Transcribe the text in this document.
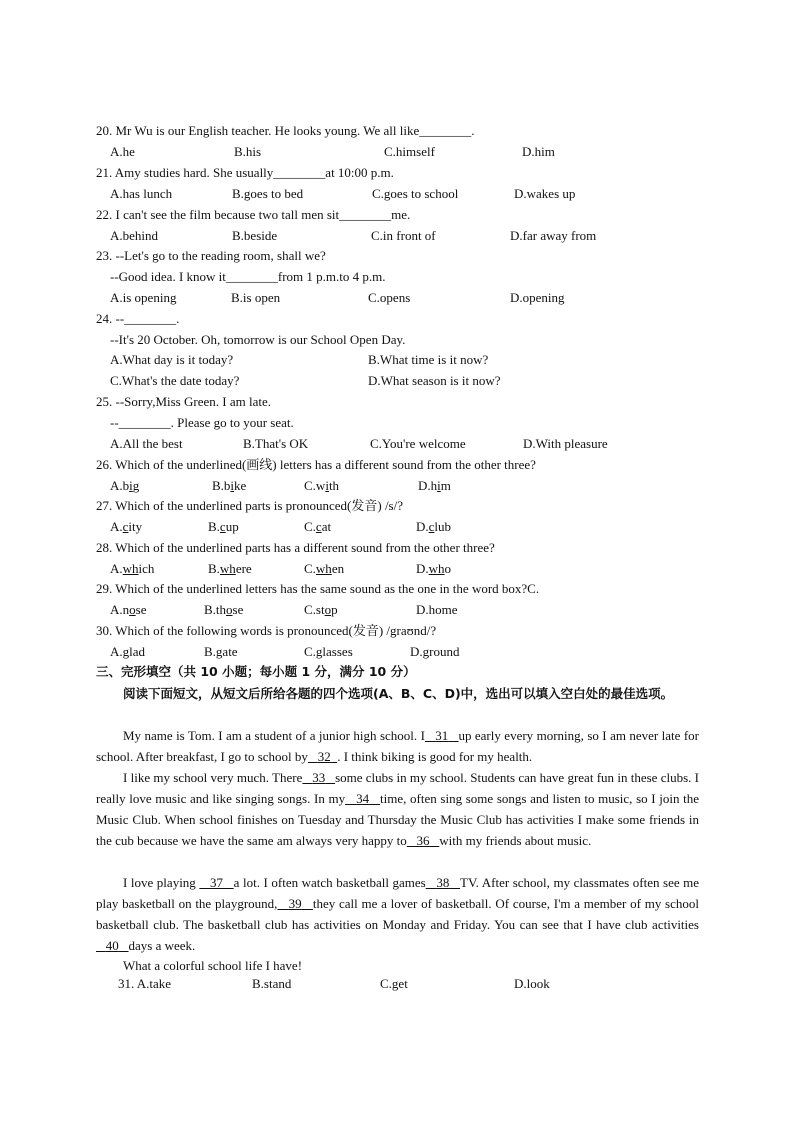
20. Mr Wu is our English teacher. He looks young. We all like________.
A.he	B.his	C.himself	D.him
21. Amy studies hard. She usually________at 10:00 p.m.
A.has lunch	B.goes to bed	C.goes to school	D.wakes up
22. I can't see the film because two tall men sit________me.
A.behind	B.beside	C.in front of	D.far away from
23. --Let's go to the reading room, shall we?
--Good idea. I know it________from 1 p.m.to 4 p.m.
A.is opening	B.is open	C.opens	D.opening
24. --________.
--It's 20 October. Oh, tomorrow is our School Open Day.
A.What day is it today?	B.What time is it now?
C.What's the date today?	D.What season is it now?
25. --Sorry,Miss Green. I am late.
--________. Please go to your seat.
A.All the best	B.That's OK	C.You're welcome	D.With pleasure
26. Which of the underlined(画线) letters has a different sound from the other three?
A.big	B.bike	C.with	D.him
27. Which of the underlined parts is pronounced(发音) /s/?
A.city	B.cup	C.cat	D.club
28. Which of the underlined parts has a different sound from the other three?
A.which	B.where	C.when	D.who
29. Which of the underlined letters has the same sound as the one in the word box?C.
A.nose	B.those	C.stop	D.home
30. Which of the following words is pronounced(发音) /graʊnd/?
A.glad	B.gate	C.glasses	D.ground
三、完形填空（共 10 小题；每小题 1 分，满分 10 分）
阅读下面短文，从短文后所给各题的四个选项(A、B、C、D)中，选出可以填入空白处的最佳选项。
My name is Tom. I am a student of a junior high school. I 31 up early every morning, so I am never late for school. After breakfast, I go to school by 32 . I think biking is good for my health.
I like my school very much. There 33 some clubs in my school. Students can have great fun in these clubs. I really love music and like singing songs. In my 34 time, often sing some songs and listen to music, so I join the Music Club. When school finishes on Tuesday and Thursday the Music Club has activities I make some friends in the cub because we have the same am always very happy to 36 with my friends about music.
I love playing    37 a lot. I often watch basketball games 38 TV. After school, my classmates often see me play basketball on the playground, 39 they call me a lover of basketball. Of course, I'm a member of my school basketball club. The basketball club has activities on Monday and Friday. You can see that I have club activities    40 days a week.
What a colorful school life I have!
31. A.take	B.stand	C.get	D.look
